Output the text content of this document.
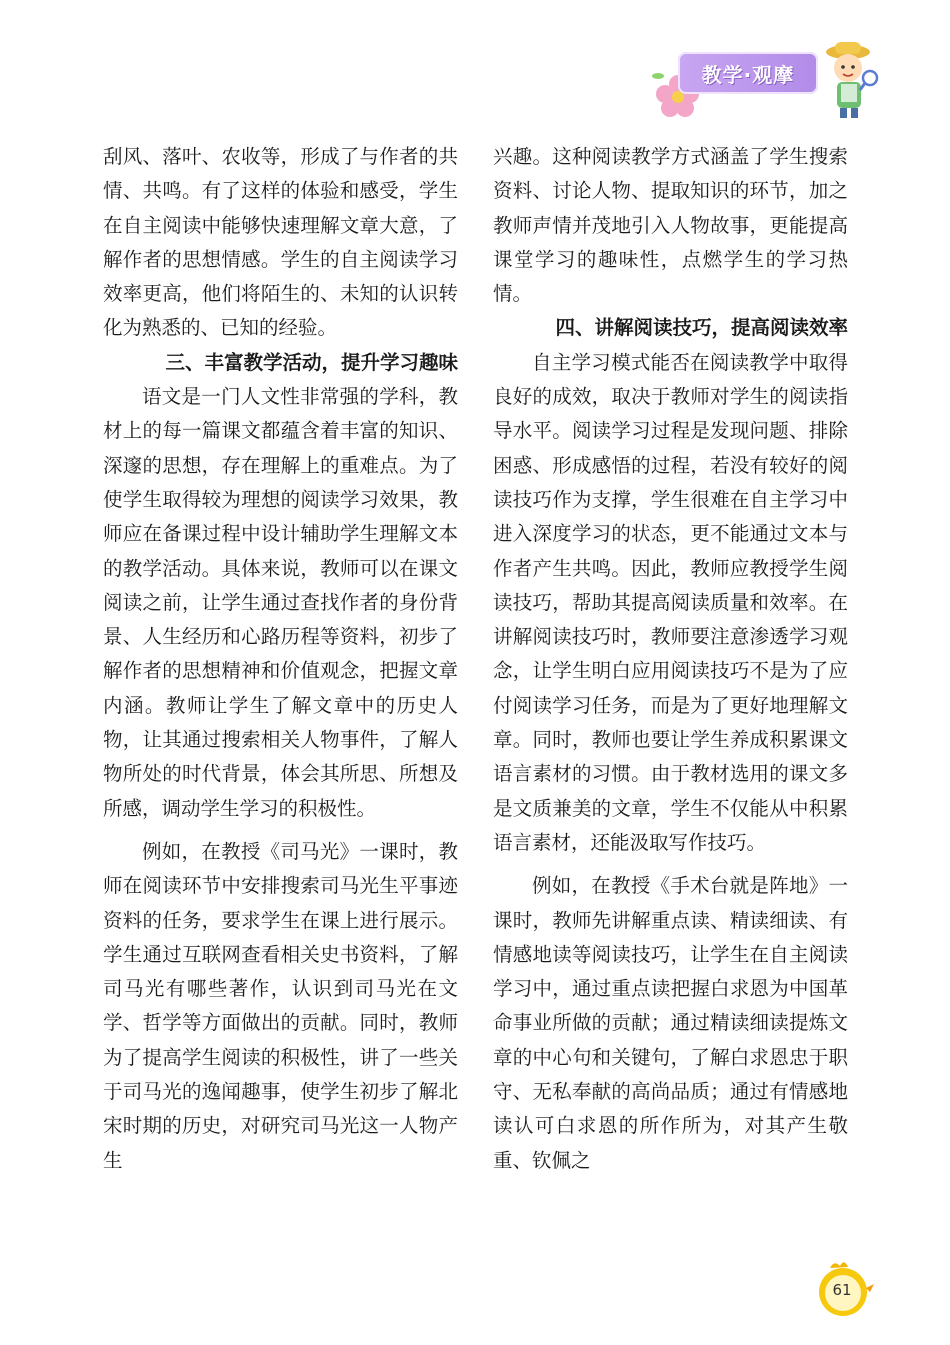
教学·观摩

刮风、落叶、农收等，形成了与作者的共情、共鸣。有了这样的体验和感受，学生在自主阅读中能够快速理解文章大意，了解作者的思想情感。学生的自主阅读学习效率更高，他们将陌生的、未知的认识转化为熟悉的、已知的经验。

三、丰富教学活动，提升学习趣味

语文是一门人文性非常强的学科，教材上的每一篇课文都蕴含着丰富的知识、深邃的思想，存在理解上的重难点。为了使学生取得较为理想的阅读学习效果，教师应在备课过程中设计辅助学生理解文本的教学活动。具体来说，教师可以在课文阅读之前，让学生通过查找作者的身份背景、人生经历和心路历程等资料，初步了解作者的思想精神和价值观念，把握文章内涵。教师让学生了解文章中的历史人物，让其通过搜索相关人物事件，了解人物所处的时代背景，体会其所思、所想及所感，调动学生学习的积极性。

例如，在教授《司马光》一课时，教师在阅读环节中安排搜索司马光生平事迹资料的任务，要求学生在课上进行展示。学生通过互联网查看相关史书资料，了解司马光有哪些著作，认识到司马光在文学、哲学等方面做出的贡献。同时，教师为了提高学生阅读的积极性，讲了一些关于司马光的逸闻趣事，使学生初步了解北宋时期的历史，对研究司马光这一人物产生

兴趣。这种阅读教学方式涵盖了学生搜索资料、讨论人物、提取知识的环节，加之教师声情并茂地引入人物故事，更能提高课堂学习的趣味性，点燃学生的学习热情。

四、讲解阅读技巧，提高阅读效率

自主学习模式能否在阅读教学中取得良好的成效，取决于教师对学生的阅读指导水平。阅读学习过程是发现问题、排除困惑、形成感悟的过程，若没有较好的阅读技巧作为支撑，学生很难在自主学习中进入深度学习的状态，更不能通过文本与作者产生共鸣。因此，教师应教授学生阅读技巧，帮助其提高阅读质量和效率。在讲解阅读技巧时，教师要注意渗透学习观念，让学生明白应用阅读技巧不是为了应付阅读学习任务，而是为了更好地理解文章。同时，教师也要让学生养成积累课文语言素材的习惯。由于教材选用的课文多是文质兼美的文章，学生不仅能从中积累语言素材，还能汲取写作技巧。

例如，在教授《手术台就是阵地》一课时，教师先讲解重点读、精读细读、有情感地读等阅读技巧，让学生在自主阅读学习中，通过重点读把握白求恩为中国革命事业所做的贡献；通过精读细读提炼文章的中心句和关键句，了解白求恩忠于职守、无私奉献的高尚品质；通过有情感地读认可白求恩的所作所为，对其产生敬重、钦佩之

61
